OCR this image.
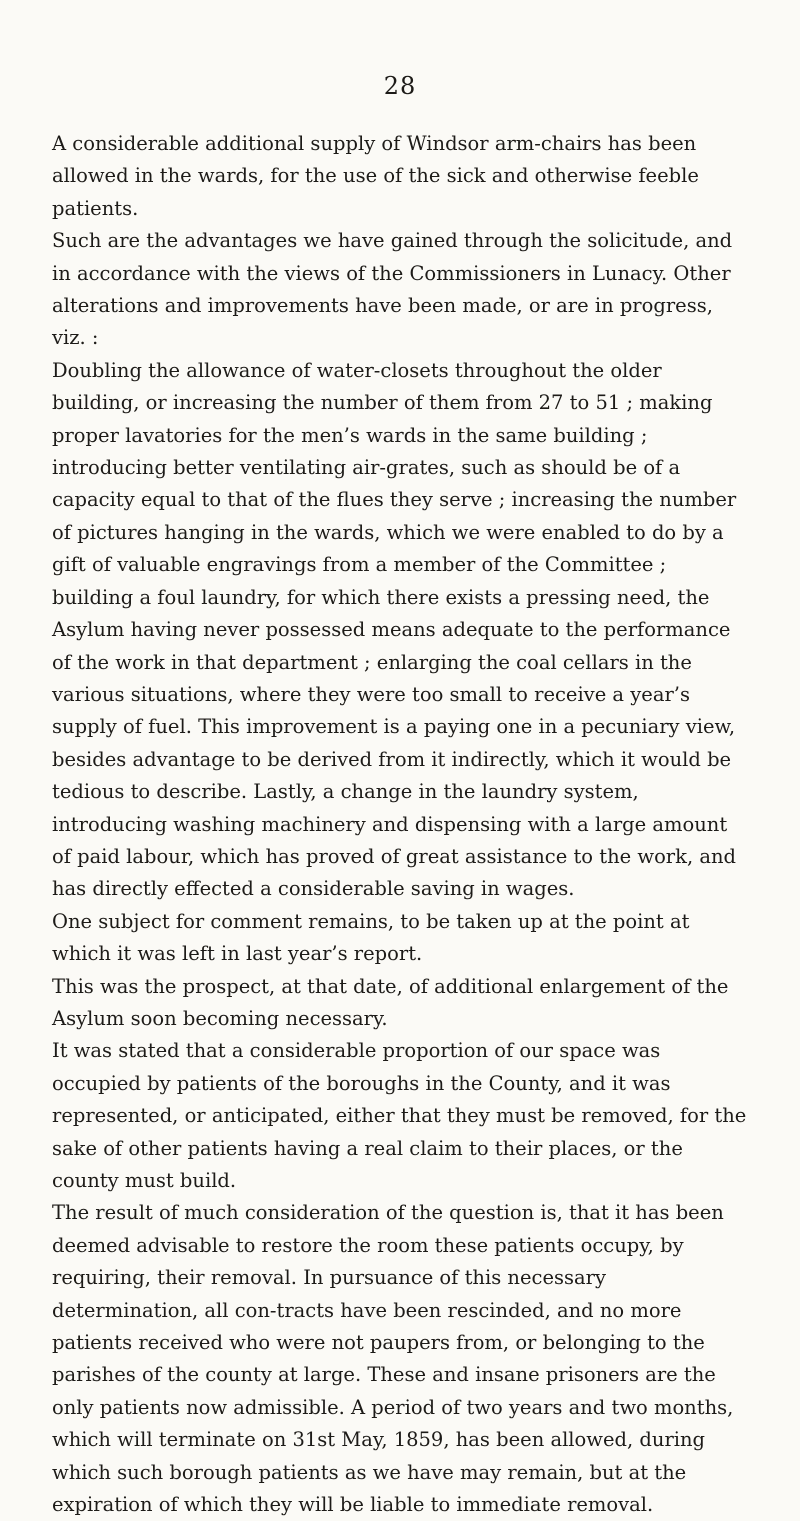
28

A considerable additional supply of Windsor arm-chairs has been allowed in the wards, for the use of the sick and otherwise feeble patients.

Such are the advantages we have gained through the solicitude, and in accordance with the views of the Commissioners in Lunacy. Other alterations and improvements have been made, or are in progress, viz. :

Doubling the allowance of water-closets throughout the older building, or increasing the number of them from 27 to 51 ; making proper lavatories for the men’s wards in the same building ; introducing better ventilating air-grates, such as should be of a capacity equal to that of the flues they serve ; increasing the number of pictures hanging in the wards, which we were enabled to do by a gift of valuable engravings from a member of the Committee ; building a foul laundry, for which there exists a pressing need, the Asylum having never possessed means adequate to the performance of the work in that department ; enlarging the coal cellars in the various situations, where they were too small to receive a year’s supply of fuel. This improvement is a paying one in a pecuniary view, besides advantage to be derived from it indirectly, which it would be tedious to describe. Lastly, a change in the laundry system, introducing washing machinery and dispensing with a large amount of paid labour, which has proved of great assistance to the work, and has directly effected a considerable saving in wages.

One subject for comment remains, to be taken up at the point at which it was left in last year’s report.

This was the prospect, at that date, of additional enlargement of the Asylum soon becoming necessary.

It was stated that a considerable proportion of our space was occupied by patients of the boroughs in the County, and it was represented, or anticipated, either that they must be removed, for the sake of other patients having a real claim to their places, or the county must build.

The result of much consideration of the question is, that it has been deemed advisable to restore the room these patients occupy, by requiring, their removal. In pursuance of this necessary determination, all con-tracts have been rescinded, and no more patients received who were not paupers from, or belonging to the parishes of the county at large. These and insane prisoners are the only patients now admissible. A period of two years and two months, which will terminate on 31st May, 1859, has been allowed, during which such borough patients as we have may remain, but at the expiration of which they will be liable to immediate removal.
